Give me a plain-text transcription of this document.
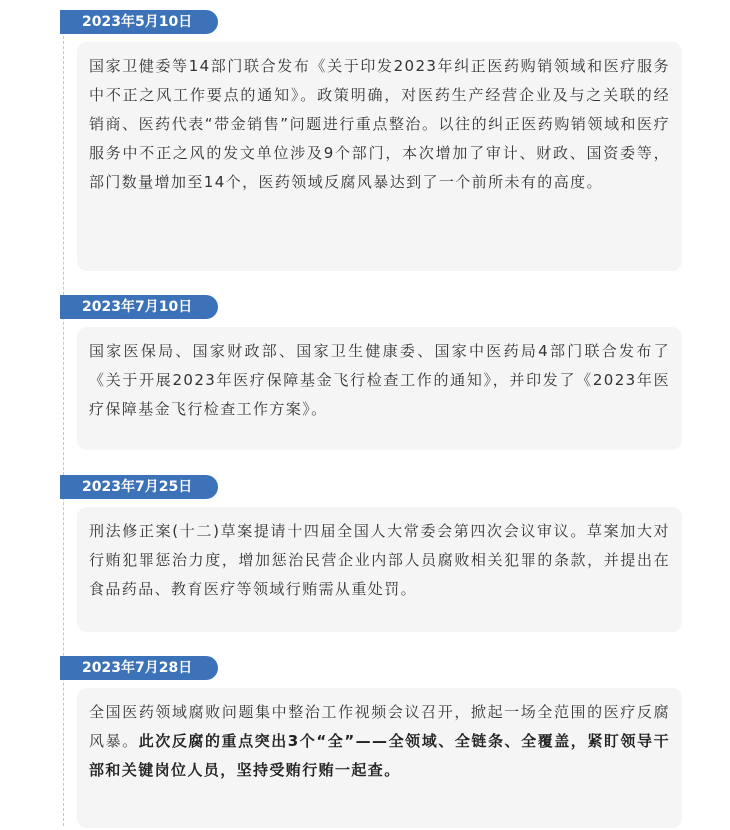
2023年5月10日
国家卫健委等14部门联合发布《关于印发2023年纠正医药购销领域和医疗服务中不正之风工作要点的通知》。政策明确，对医药生产经营企业及与之关联的经销商、医药代表“带金销售”问题进行重点整治。以往的纠正医药购销领域和医疗服务中不正之风的发文单位涉及9个部门，本次增加了审计、财政、国资委等，部门数量增加至14个，医药领域反腐风暴达到了一个前所未有的高度。
2023年7月10日
国家医保局、国家财政部、国家卫生健康委、国家中医药局4部门联合发布了《关于开展2023年医疗保障基金飞行检查工作的通知》，并印发了《2023年医疗保障基金飞行检查工作方案》。
2023年7月25日
刑法修正案(十二)草案提请十四届全国人大常委会第四次会议审议。草案加大对行贿犯罪惩治力度，增加惩治民营企业内部人员腐败相关犯罪的条款，并提出在食品药品、教育医疗等领域行贿需从重处罚。
2023年7月28日
全国医药领域腐败问题集中整治工作视频会议召开，掀起一场全范围的医疗反腐风暴。此次反腐的重点突出3个“全”——全领域、全链条、全覆盖，紧盯领导干部和关键岗位人员，坚持受贿行贿一起查。
